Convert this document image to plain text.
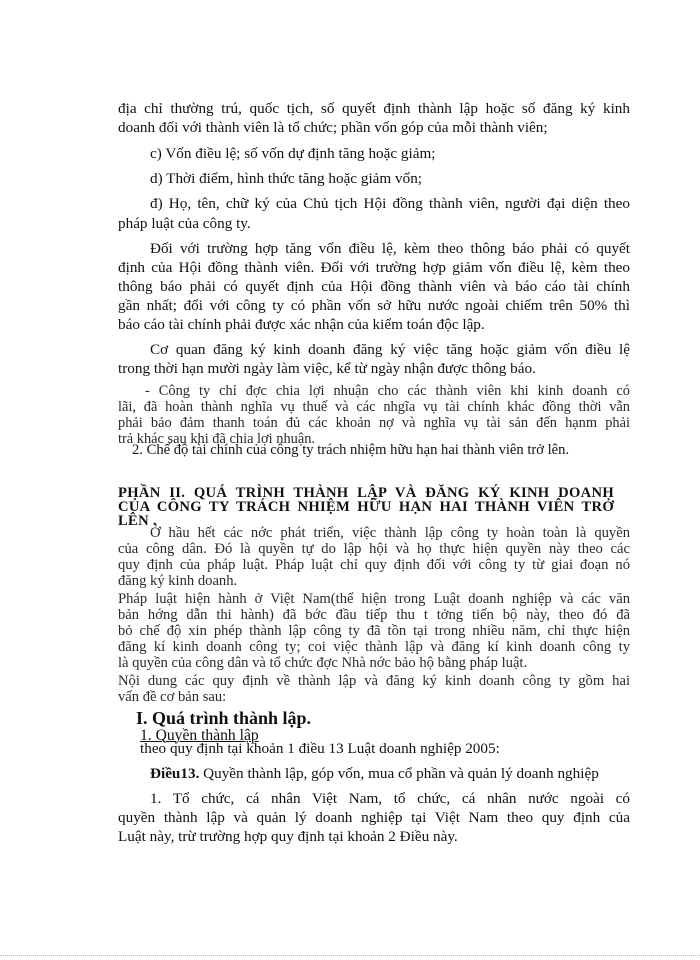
địa chỉ thường trú, quốc tịch, số quyết định thành lập hoặc số đăng ký kinh
doanh đối với thành viên là tổ chức; phần vốn góp của mỗi thành viên;
c) Vốn điều lệ; số vốn dự định tăng hoặc giảm;
d) Thời điểm, hình thức tăng hoặc giảm vốn;
đ) Họ, tên, chữ ký của Chủ tịch Hội đồng thành viên, người đại diện theo
pháp luật của công ty.
Đối với trường hợp tăng vốn điều lệ, kèm theo thông báo phải có quyết
định của Hội đồng thành viên. Đối với trường hợp giảm vốn điều lệ, kèm theo
thông báo phải có quyết định của Hội đồng thành viên và báo cáo tài chính
gần nhất; đối với công ty có phần vốn sở hữu nước ngoài chiếm trên 50% thì
báo cáo tài chính phải được xác nhận của kiểm toán độc lập.
Cơ quan đăng ký kinh doanh đăng ký việc tăng hoặc giảm vốn điều lệ
trong thời hạn mười ngày làm việc, kể từ ngày nhận được thông báo.
- Công ty chỉ đợc chia lợi nhuận cho các thành viên khi kinh doanh có
lãi, đã hoàn thành nghĩa vụ thuế và các nhgĩa vụ tài chính khác đồng thời vẫn
phải bảo đảm thanh toán đủ các khoản nợ và nghĩa vụ tài sản đến hạnm phải
trả khác sau khi đã chia lợi nhuận.
2. Chế độ tài chính của công ty trách nhiệm hữu hạn hai thành viên trở lên.
PHẦN II. QUÁ TRÌNH THÀNH LẬP VÀ ĐĂNG KÝ KINH DOANH
CỦA CÔNG TY TRÁCH NHIỆM HỮU HẠN HAI THÀNH VIÊN TRỞ
LÊN .
Ở hầu hết các nớc phát triển, việc thành lập công ty hoàn toàn là quyền
của công dân. Đó là quyền tự do lập hội và họ thực hiện quyền này theo các
quy định của pháp luật. Pháp luật chỉ quy định đối với công ty từ giai đoạn nó
đăng ký kinh doanh.
Pháp luật hiện hành ở Việt Nam(thể hiện trong Luật doanh nghiệp và các văn
bản hớng dẫn thi hành) đã bớc đầu tiếp thu t tởng tiến bộ này, theo đó đã
bỏ chế độ xin phép thành lập công ty đã tồn tại trong nhiều năm, chỉ thực hiện
đăng kí kinh doanh công ty; coi việc thành lập và đăng kí kinh doanh công ty
là quyền của công dân và tổ chức đợc Nhà nớc bảo hộ bằng pháp luật.
Nội dung các quy định về thành lập và đăng ký kinh doanh công ty gồm hai
vấn đề cơ bản sau:
I. Quá trình thành lập.
1. Quyền thành lập
theo quy định tại khoản 1 điều 13 Luật doanh nghiệp 2005:
Điều13. Quyền thành lập, góp vốn, mua cổ phần và quản lý doanh nghiệp
1. Tổ chức, cá nhân Việt Nam, tổ chức, cá nhân nước ngoài có
quyền thành lập và quản lý doanh nghiệp tại Việt Nam theo quy định của
Luật này, trừ trường hợp quy định tại khoản 2 Điều này.
